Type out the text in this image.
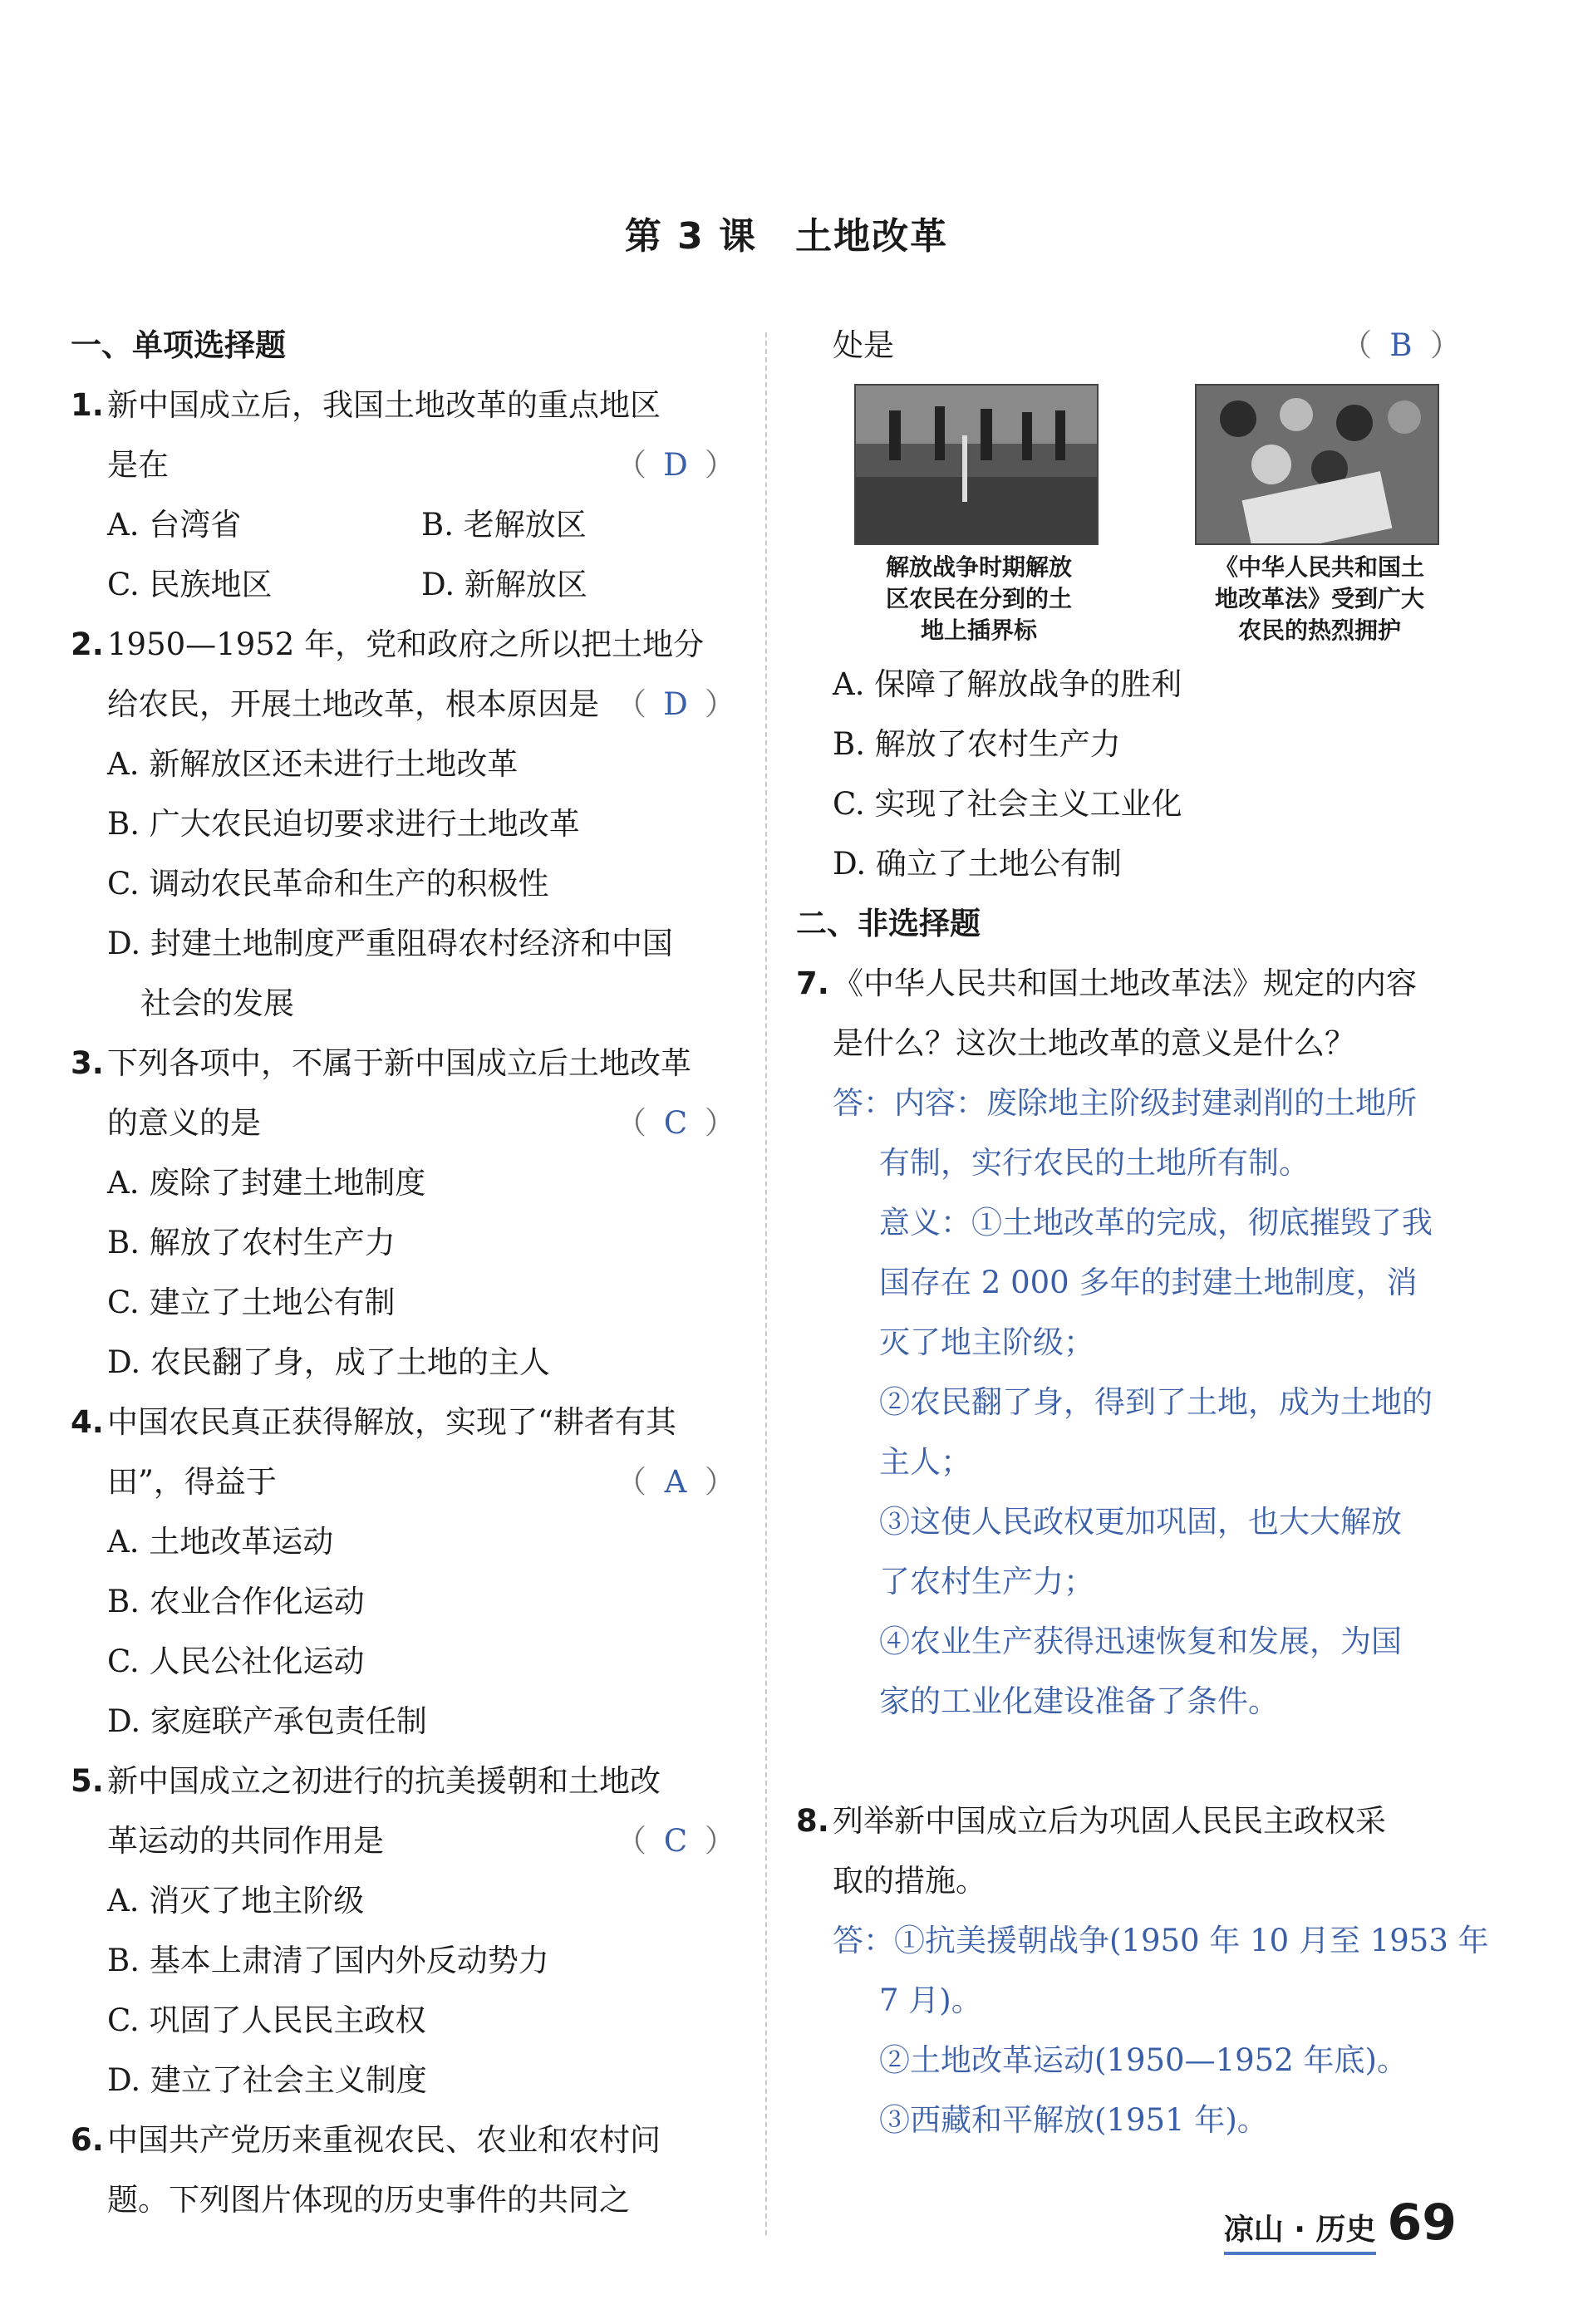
第 3 课　土地改革
一、单项选择题
1. 新中国成立后，我国土地改革的重点地区
是在	（ D ）
A. 台湾省	B. 老解放区
C. 民族地区	D. 新解放区
2. 1950—1952 年，党和政府之所以把土地分
给农民，开展土地改革，根本原因是 （ D ）
A. 新解放区还未进行土地改革
B. 广大农民迫切要求进行土地改革
C. 调动农民革命和生产的积极性
D. 封建土地制度严重阻碍农村经济和中国
社会的发展
3. 下列各项中，不属于新中国成立后土地改革
的意义的是	（ C ）
A. 废除了封建土地制度
B. 解放了农村生产力
C. 建立了土地公有制
D. 农民翻了身，成了土地的主人
4. 中国农民真正获得解放，实现了“耕者有其
田”，得益于	（ A ）
A. 土地改革运动
B. 农业合作化运动
C. 人民公社化运动
D. 家庭联产承包责任制
5. 新中国成立之初进行的抗美援朝和土地改
革运动的共同作用是	（ C ）
A. 消灭了地主阶级
B. 基本上肃清了国内外反动势力
C. 巩固了人民民主政权
D. 建立了社会主义制度
6. 中国共产党历来重视农民、农业和农村问
题。下列图片体现的历史事件的共同之
处是	（ B ）
解放战争时期解放
区农民在分到的土
地上插界标
《中华人民共和国土
地改革法》受到广大
农民的热烈拥护
A. 保障了解放战争的胜利
B. 解放了农村生产力
C. 实现了社会主义工业化
D. 确立了土地公有制
二、非选择题
7. 《中华人民共和国土地改革法》规定的内容
是什么？这次土地改革的意义是什么？
答：内容：废除地主阶级封建剥削的土地所
有制，实行农民的土地所有制。
意义：①土地改革的完成，彻底摧毁了我
国存在 2 000 多年的封建土地制度，消
灭了地主阶级；
②农民翻了身，得到了土地，成为土地的
主人；
③这使人民政权更加巩固，也大大解放
了农村生产力；
④农业生产获得迅速恢复和发展，为国
家的工业化建设准备了条件。
8. 列举新中国成立后为巩固人民民主政权采
取的措施。
答：①抗美援朝战争(1950 年 10 月至 1953 年
7 月)。
②土地改革运动(1950—1952 年底)。
③西藏和平解放(1951 年)。
凉山 · 历史 69
